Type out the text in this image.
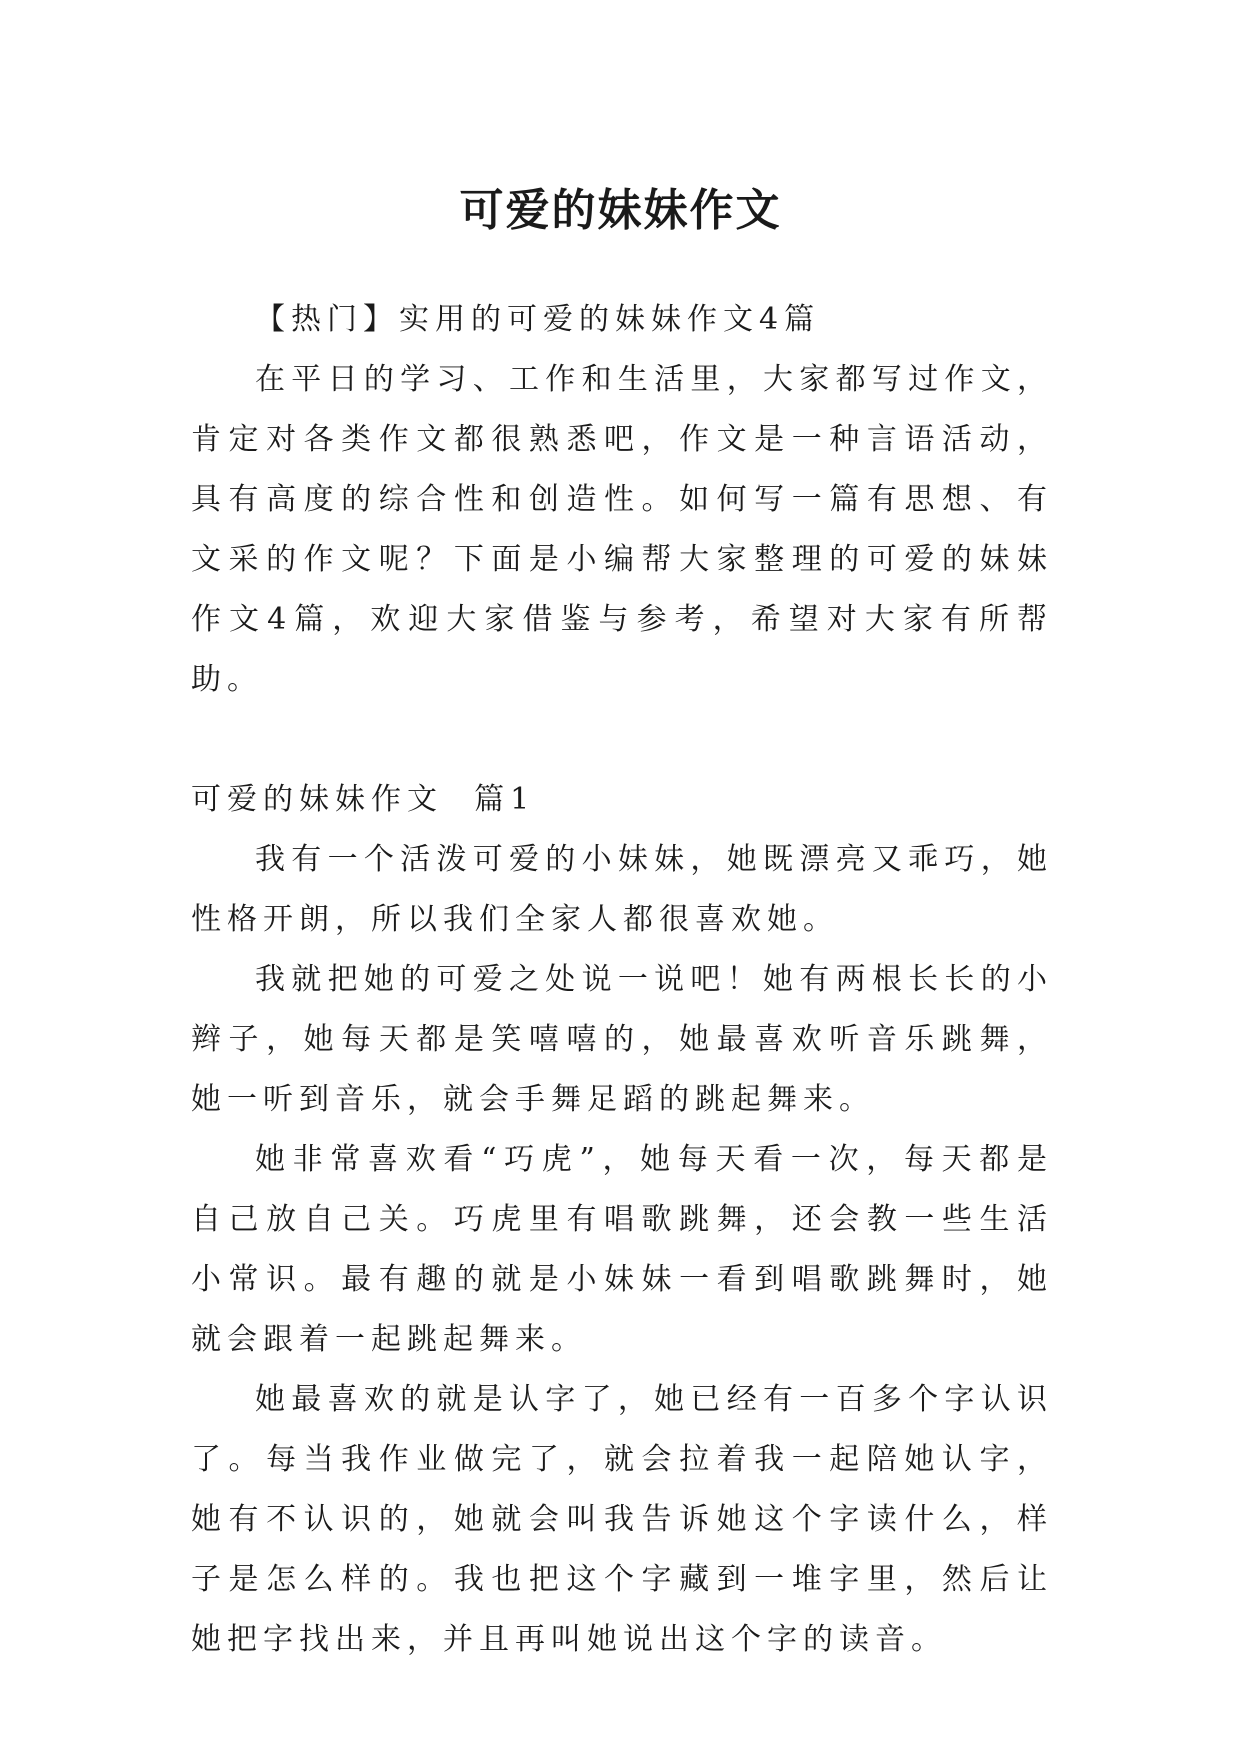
可爱的妹妹作文

【热门】实用的可爱的妹妹作文4篇

在平日的学习、工作和生活里，大家都写过作文，肯定对各类作文都很熟悉吧，作文是一种言语活动，具有高度的综合性和创造性。如何写一篇有思想、有文采的作文呢？下面是小编帮大家整理的可爱的妹妹作文4篇，欢迎大家借鉴与参考，希望对大家有所帮助。

可爱的妹妹作文  篇1

我有一个活泼可爱的小妹妹，她既漂亮又乖巧，她性格开朗，所以我们全家人都很喜欢她。

我就把她的可爱之处说一说吧！她有两根长长的小辫子，她每天都是笑嘻嘻的，她最喜欢听音乐跳舞，她一听到音乐，就会手舞足蹈的跳起舞来。

她非常喜欢看“巧虎”，她每天看一次，每天都是自己放自己关。巧虎里有唱歌跳舞，还会教一些生活小常识。最有趣的就是小妹妹一看到唱歌跳舞时，她就会跟着一起跳起舞来。

她最喜欢的就是认字了，她已经有一百多个字认识了。每当我作业做完了，就会拉着我一起陪她认字，她有不认识的，她就会叫我告诉她这个字读什么，样子是怎么样的。我也把这个字藏到一堆字里，然后让她把字找出来，并且再叫她说出这个字的读音。
